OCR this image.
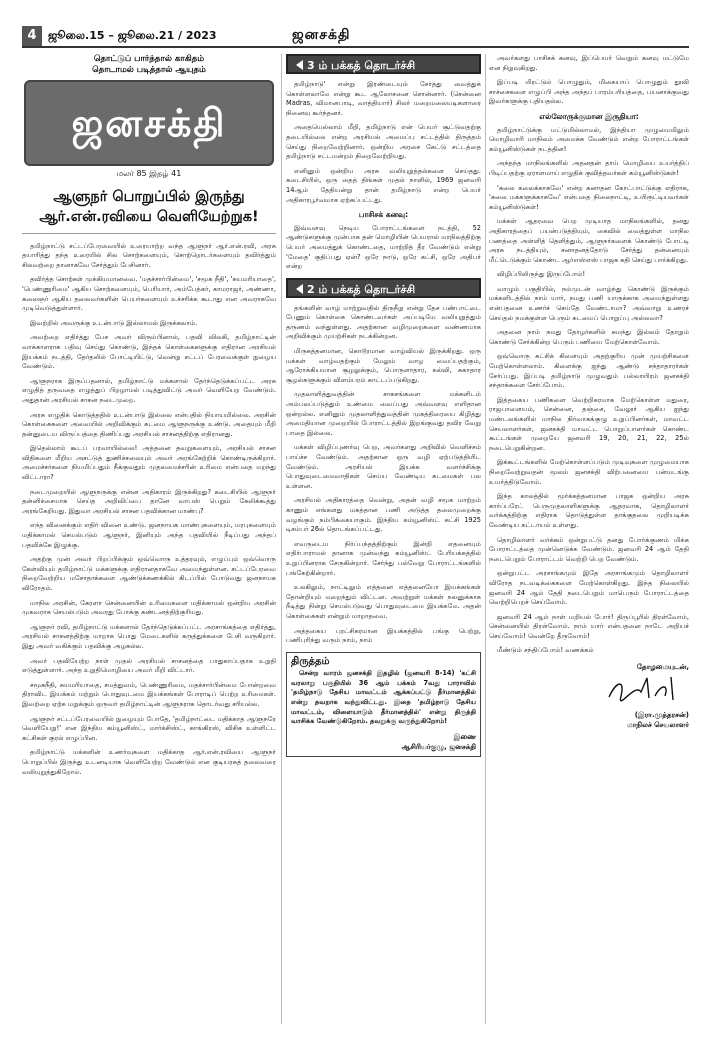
4	ஜூலை.15 – ஜூலை.21 / 2023	ஜனசக்தி
தொட்டுப் பார்த்தால் காகிதம்
தொடாமல் படித்தால் ஆயுதம்
ஜனசக்தி
மலர் 85 இதழ் 41
ஆளுநர் பொறுப்பில் இருந்து ஆர்.என்.ரவியை வெளியேற்றுக!

தமிழ்நாட்டு சட்டப்பேரவையில் உரையாற்ற வந்த ஆளுநர் ஆர்.என்.ரவி, அரசு தயாரித்து தந்த உரையில் சில சொற்களையும், சொற்றொடர்களையும் தவிர்த்தும் சிலவற்றை தானாகவே சேர்த்தும் பேசினார்.

தவிர்த்த சொற்கள் முக்கியமானவை. 'மதச்சார்பின்மை', 'சமூக நீதி', 'சுயமரியாதை', 'பெண்ணுரிமை' ஆகிய சொற்களையும், பெரியார், அம்பேத்கர், காமராஜர், அண்ணா, கலைஞர் ஆகிய தலைவர்களின் பெயர்களையும் உச்சரிக்க கூடாது என அவராகவே முடிவெடுத்துள்ளார்.

இவற்றில் அவருக்கு உடன்பாடு இல்லாமல் இருக்கலாம்.

அவற்றை எதிர்த்து பேச அவர் விரும்பினால், பதவி விலகி, தமிழ்நாட்டின் வாக்காளராக பதிவு செய்து கொண்டு, இந்தக் கொள்கைகளுக்கு எதிரான அரசியல் இயக்கம் நடத்தி, தேர்தலில் போட்டியிட்டு, வென்று சட்டப் பேரவைக்குள் நுழைய வேண்டும்.

ஆளுநராக இருப்பதனால், தமிழ்நாட்டு மக்களால் தேர்ந்தெடுக்கப்பட்ட அரசு எழுதித் தருவதை எழுத்துப் பிறழாமல் படித்துவிட்டு அவர் வெளியேற வேண்டும். அதுதான் அரசியல் சாசன நடைமுறை.

அரசு எழுதிக் கொடுத்ததில் உடன்பாடு இல்லை என்பதில் நியாயமில்லை. அரசின் கொள்கைகளை அவையில் அறிவிக்கும் கடமை ஆளுநருக்கு உண்டு. அதையும் மீறி தன்னுடைய விருப்பத்தை திணிப்பது அரசியல் சாசனத்திற்கு எதிரானது.

இதெல்லாம் கூடப் பரவாயில்லை! அத்தனை தவறுகளையும், அரசியல் சாசன விதிகளை மீறிய அசட்டுத் துணிச்சலையும் அவர் அரங்கேற்றிக் கொண்டிருக்கிறார். அமைச்சர்களை நியமிப்பதும் நீக்குவதும் முதலமைச்சரின் உரிமை என்பதை மறந்து விட்டாரா?

நடைமுறையில் ஆளுநருக்கு என்ன அதிகாரம் இருக்கிறது? கடைசியில் ஆளுநர் தன்னிச்சையாக செய்த அறிவிப்பை தானே வாபஸ் பெறும் கேலிக்கூத்து அரங்கேறியது. இதுவா அரசியல் சாசன பதவிக்கான மாண்பு?

எந்த வினைக்கும் எதிர் வினை உண்டு. ஜனநாயக மாண்புகளையும், மரபுகளையும் மதிக்காமல் செயல்படும் ஆளுநர், இனியும் அந்த பதவியில் நீடிப்பது அந்தப் பதவிக்கே இழுக்கு.

அதற்கு முன் அவர் பிறப்பிக்கும் ஒவ்வொரு உத்தரவும், எழுப்பும் ஒவ்வொரு கேள்வியும் தமிழ்நாட்டு மக்களுக்கு எதிரானதாகவே அமைந்துள்ளன. சட்டப்பேரவை நிறைவேற்றிய மசோதாக்களை ஆண்டுக்கணக்கில் கிடப்பில் போடுவது ஜனநாயக விரோதம்.

மாநில அரசின், கேரளா சென்னையின் உரிமைகளை மதிக்காமல் ஒன்றிய அரசின் முகவராக செயல்படும் அவரது போக்கு கண்டனத்திற்குரியது.

ஆளுநர் ரவி, தமிழ்நாட்டு மக்களால் தேர்ந்தெடுக்கப்பட்ட அரசாங்கத்தை எதிர்த்து, அரசியல் சாசனத்திற்கு மாறாக பொது மேடைகளில் கருத்துக்களை பேசி வருகிறார். இது அவர் வகிக்கும் பதவிக்கு அழகல்ல.

அவர் பதவியேற்ற நாள் முதல் அரசியல் சாசனத்தை பாதுகாப்பதாக உறுதி எடுத்துள்ளார். அந்த உறுதிமொழியை அவர் மீறி விட்டார்.

சமூகநீதி, சுயமரியாதை, சமத்துவம், பெண்ணுரிமை, மதச்சார்பின்மை போன்றவை திராவிட இயக்கம் மற்றும் பொதுவுடமை இயக்கங்கள் போராடிப் பெற்ற உரிமைகள். இவற்றை ஏற்க மறுக்கும் ஒருவர் தமிழ்நாட்டின் ஆளுநராக தொடர்வது சரியல்ல.

ஆளுநர் சட்டப்பேரவையில் நுழையும் போதே, 'தமிழ்நாட்டை மதிக்காத ஆளுநரே வெளியேறு!' என இந்திய கம்யூனிஸ்ட், மார்க்சிஸ்ட், காங்கிரஸ், விசிக உள்ளிட்ட கட்சிகள் குரல் எழுப்பின.

தமிழ்நாட்டு மக்களின் உணர்வுகளை மதிக்காத ஆர்.என்.ரவியை ஆளுநர் பொறுப்பில் இருந்து உடனடியாக வெளியேற்ற வேண்டும் என குடியரசுத் தலைவரை வலியுறுத்துகிறோம்.

3 ம் பக்கத் தொடர்ச்சி

தமிழ்நாடு' என்று இரண்டையும் சேர்த்து வைத்துக் கொள்ளலாமே என்று கூட ஆலோசனை சொன்னார். (சென்னை Madras, விமானபாடி, வாத்தியார்) சிலர் மறைமலையடிகளாரை நினைவு கூர்ந்தனர்.

அதையெல்லாம் மீறி, தமிழ்நாடு என் பெயர் சூட்டுவதற்கு தடையில்லை என்ற அரசியல் அமைப்பு சட்டத்தில் திருத்தம் செய்து நிறைவேற்றினார். ஒன்றிய அரசை கேட்டு சட்டத்தை தமிழ்நாடு சட்டமன்றம் நிறைவேற்றியது.

எனினும் ஒன்றிய அரசு வலியுறுத்தல்களை செய்தது. கடைசியில், ஒரு தைத் திங்கள் முதல் நாளில், 1969 ஜனவரி 14ஆம் தேதியன்று தான் தமிழ்நாடு என்ற பெயர் அதிகாரபூர்வமாக ஏற்கப்பட்டது.

பாசிசக் கனவு:

இவ்வளவு நெடிய போராட்டங்களை நடத்தி, 52 ஆண்டுகளுக்கு முன்பாக தன் மொழியின் பெயரால் மாநிலத்திற்கு பெயர் அமைத்துக் கொண்டதை, மாற்றித் தீர வேண்டும் என்று 'மேதை' குதிப்பது ஏன்? ஒரே நாடு, ஒரே கட்சி, ஒரே அதிபர் என்ற

2 ம் பக்கத் தொடர்ச்சி

தங்களின் வாழ் மாற்றுவதில் திருநீறு என்று தேச பண்பாட்டை பேணும் கொள்கை கொண்டவர்கள் அப்படியே வலியுறுத்தும் தருணம் வந்துள்ளது. அதற்கான வழிமுறைகளை வண்ணமாக அறிவிக்கும் முயற்சிகள் நடக்கின்றன.

மிருகத்தனமான, கொடூரமான வாழ்வியல் இருக்கிறது. ஒரு மக்கள் வாழ்வதற்கும் மேலும் வாழ வைப்பதற்கும், ஆரோக்கியமான சூழலுக்கும், பொருளாதார, கல்வி, சுகாதார சூழல்களுக்கும் விளம்பரம் காட்டப்படுகிறது.

முதலாளித்துவத்தின் சாகசங்களை மக்களிடம் அம்பலப்படுத்தும் உண்மை வைப்பது அவ்வளவு எளிதான ஒன்றல்ல. எனினும் முதலாளித்துவத்தின் முகத்திரையை கிழித்து அமைதியான முறையில் போராட்டத்தில் இறங்குவது தவிர வேறு பாதை இல்லை.

மக்கள் விழிப்புணர்வு பெற, அவர்களது அறிவில் வெளிச்சம் பாய்ச்ச வேண்டும். அதற்கான ஒரு வழி ஏற்படுத்தியிட வேண்டும். அரசியல் இயக்க வளர்ச்சிக்கு பொதுவுடைமைவாதிகள் செய்ய வேண்டிய கடமைகள் பல உள்ளன.

அரசியல் அதிகாரத்தை வென்று, அதன் வழி சமூக மாற்றம் காணும் எங்களது மகத்தான பணி அடுத்த தலைமுறைக்கு வழங்கும் நம்பிக்கையாகும். இந்திய கம்யூனிஸ்ட் கட்சி 1925 டிசம்பர் 26ல் தொடங்கப்பட்டது.

எவருடைய நிர்ப்பந்தத்திற்கும் இன்றி எதனையும் எதிர்பாராமல் தானாக முன்வந்து கம்யூனிஸ்ட் பேரியக்கத்தில் உறுப்பினராக சேருகின்றார். சேர்ந்து பல்வேறு போராட்டங்களில் பங்கேற்கின்றார்.

உலகிலும், நாட்டிலும் எத்தனை எத்தனையோ இயக்கங்கள் தோன்றியும் மறைந்தும் விட்டன. அவற்றுள் மக்கள் நலனுக்காக நீடித்து நின்று செயல்படுவது பொதுவுடைமை இயக்கமே. அதன் கொள்கைகள் என்றும் மாறாதவை.

அத்தகைய புரட்சிகரமான இயக்கத்தில் பங்கு பெற்று, பணிபுரிந்து வரும் நாம், நாம்

திருத்தம்

சென்ற வாரம் ஜனசக்தி இதழில் (ஜனவரி 8-14) 'கட்சி வரலாறு பகுதியில் 36 ஆம் பக்கம் 7வது பாராவில் 'தமிழ்நாடு தேசிய மாவட்டம் ஆக்கப்பட்டு தீர்மானத்தில் என்று தவறாக வந்துவிட்டது. இதை 'தமிழ்நாடு தேசிய மாவட்டம், விளையாடும் தீர்மானத்தில்' என்று திருத்தி வாசிக்க வேண்டுகிறோம். தவறுக்கு வருந்துகிறோம்!

இணை
ஆசிரியர்குழு, ஜனசக்தி

அவர்களது பாசிசக் கனவு, இப்பெயர் வெறும் கனவு மட்டுமே என நிறுவுகிறது.

இப்படி மிரட்டும் பொழுதும், மிகையாப் பொழுதும் தூவி சாச்சைகளை எழுப்பி அந்த அந்தப் பாரம்பரியத்தை, பயனாக்குவது இவர்களுக்கு புதியதல்ல.

எல்லோருக்குமான இருதியா:

தமிழ்நாட்டுக்கு மட்டுமில்லாமல், இந்தியா முழுமைமிலும் மொழிவாரி மாநிலம் அமைக்க வேண்டும் என்ற போராட்டங்கள் கம்யூனிஸ்டுகள் நடத்தின!

அந்தந்த மாநிலங்களில் அதனதன் தாய் மொழியை உயர்த்திப் பிடிப்பதற்கு ஏராளமாய் எழுதிக் குவித்தவர்கள் கம்யூனிஸ்டுகள்!

'கலை கலைக்காகவே' என்ற கனாதன கோட்பாட்டுக்கு எதிராக, 'கலை மக்களுக்காகவே' என்பதை நிலைநாட்டி, உயிரூட்டியவர்கள் கம்யூனிஸ்டுகள்!

மக்கள் ஆதரவை பெற முடியாத மாநிலங்களில், தனது அதிகாரத்தைப் பயன்படுத்தியும், கைவில் வைத்துள்ள மாநில பணத்தை அள்ளித் தெளித்தும், ஆளுநர்களைக் கொண்டு போட்டி அரசு நடத்தியும், சனாதனத்தோடு சேர்த்து தன்னையும் மீட்டெடுக்கும் கொண்ட ஆர்எஸ்எஸ் பாஜக கதி செய்து பார்க்கிறது.

விழிப்பிலிருந்து இருப்போம்!

வாழும் பகுதியில், நம்முடன் வாழ்ந்து கொண்டு இருக்கும் மக்களிடத்தில் நாம் யார், நமது பணி யாருக்காக அமைந்துள்ளது என்பதனை உணர்ச் செய்தே வேண்டாமா? அவ்வாறு உணரச் செய்தல் நமக்குள்ள பெரும் கடமைப் பொறுப்பு அல்லவா?

அதனை நாம் நமது தோழர்களில் சுமந்து இல்லம் தோறும் கொண்டு சேர்க்கின்ற பெரும் பணியை மேற்கொள்வோம்.

ஒவ்வொரு கட்சிக் கிளையும் அதற்குரிய முன் முயற்சிகளை மேற்கொள்ளலாம். கிளைக்கு ஐந்து ஆண்டு சந்தாதாரர்கள் சேர்ப்பது. இப்படி தமிழ்நாடு முழுவதும் பல்லாயிரம் ஜனசக்தி சந்தாக்களை சேர்ப்போம்.

இத்தகைய பணிகளை வெற்றிகரமாக மேற்கொள்ள மதுரை, ராஜபாளையம், சென்னை, தஞ்சை, வேலூர் ஆகிய ஐந்து மண்டலங்களில் மாநில நிர்வாகக்குழு உறுப்பினர்கள், மாவட்ட செயலாளர்கள், ஜனசக்தி மாவட்ட பொறுப்பாளர்கள் கொண்ட கூட்டங்கள் முறையே ஜனவரி 19, 20, 21, 22, 25ல் நடைபெறுகின்றன.

இக்கூட்டங்களில் மேற்கொள்ளப்படும் முடிவுகளை முழுமையாக நிறைவேற்றுவதன் மூலம் ஜனசக்தி விற்பனையை பன்மடங்கு உயர்த்திடுவோம்.

இந்த காலத்தில் மூர்க்கத்தனமான பாஜக ஒன்றிய அரசு கார்ப்பரேட் பெருமுதலாளிகளுக்கு ஆதரவாக, தொழிலாளர் வர்க்கத்திற்கு எதிராக தொடுத்துள்ள தாக்குதலை முறியடிக்க வேண்டிய கட்டாயம் உள்ளது.

தொழிலாளர் வர்க்கம் ஒன்றுபட்டு தனது போர்க்குணம் மிக்க போராட்டத்தை முன்னெடுக்க வேண்டும். ஜனவரி 24 ஆம் தேதி நடைபெறும் போராட்டம் வெற்றி பெற வேண்டும்.

ஒன்றுபட்ட அரசாங்கமும் இதே அரசாங்கமும் தொழிலாளர் விரோத நடவடிக்கைகளை மேற்கொள்கிறது. இந்த நிலையில் ஜனவரி 24 ஆம் தேதி நடைபெறும் மாபெரும் போராட்டத்தை வெற்றிபெறச் செய்வோம்.

ஜனவரி 24 ஆம் நாள் மறியல் போர்! திருப்பூரில் திரள்வோம், சென்னையில் திரள்வோம். நாம் யார் என்பதனை நாடே அறியச் செய்வோம்! வென்றே தீருவோம்!

மீண்டும் சந்திப்போம்! வணக்கம்

தோழமையுடன்,
(இரா.முத்தரசன்)
மாநிலச் செயலாளர்
